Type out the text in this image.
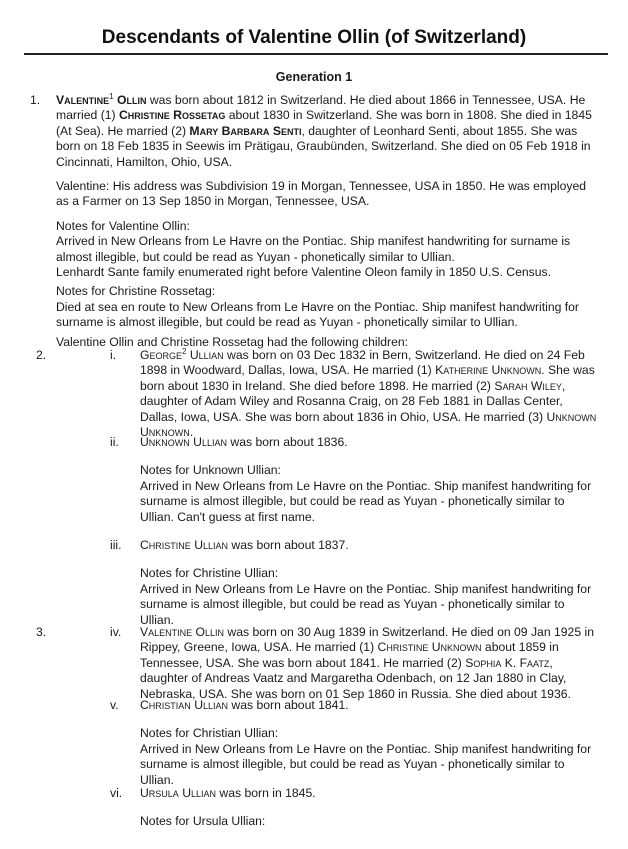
Descendants of Valentine Ollin (of Switzerland)
Generation 1
1.	Valentine$^1$ Ollin was born about 1812 in Switzerland. He died about 1866 in Tennessee, USA. He married (1) Christine Rossetag about 1830 in Switzerland. She was born in 1808. She died in 1845 (At Sea). He married (2) Mary Barbara Senti, daughter of Leonhard Senti, about 1855. She was born on 18 Feb 1835 in Seewis im Prätigau, Graubünden, Switzerland. She died on 05 Feb 1918 in Cincinnati, Hamilton, Ohio, USA.

Valentine: His address was Subdivision 19 in Morgan, Tennessee, USA in 1850. He was employed as a Farmer on 13 Sep 1850 in Morgan, Tennessee, USA.

Notes for Valentine Ollin:

Arrived in New Orleans from Le Havre on the Pontiac. Ship manifest handwriting for surname is almost illegible, but could be read as Yuyan - phonetically similar to Ullian.

Lenhardt Sante family enumerated right before Valentine Oleon family in 1850 U.S. Census.

Notes for Christine Rossetag:

Died at sea en route to New Orleans from Le Havre on the Pontiac. Ship manifest handwriting for surname is almost illegible, but could be read as Yuyan - phonetically similar to Ullian.

Valentine Ollin and Christine Rossetag had the following children:

2.	i.	George$^2$ Ullian was born on 03 Dec 1832 in Bern, Switzerland. He died on 24 Feb 1898 in Woodward, Dallas, Iowa, USA. He married (1) Katherine Unknown. She was born about 1830 in Ireland. She died before 1898. He married (2) Sarah Wiley, daughter of Adam Wiley and Rosanna Craig, on 28 Feb 1881 in Dallas Center, Dallas, Iowa, USA. She was born about 1836 in Ohio, USA. He married (3) Unknown Unknown.

ii.	Unknown Ullian was born about 1836.

Notes for Unknown Ullian:

Arrived in New Orleans from Le Havre on the Pontiac. Ship manifest handwriting for surname is almost illegible, but could be read as Yuyan - phonetically similar to Ullian. Can't guess at first name.

iii.	Christine Ullian was born about 1837.

Notes for Christine Ullian:

Arrived in New Orleans from Le Havre on the Pontiac. Ship manifest handwriting for surname is almost illegible, but could be read as Yuyan - phonetically similar to Ullian.

3.	iv.	Valentine Ollin was born on 30 Aug 1839 in Switzerland. He died on 09 Jan 1925 in Rippey, Greene, Iowa, USA. He married (1) Christine Unknown about 1859 in Tennessee, USA. She was born about 1841. He married (2) Sophia K. Faatz, daughter of Andreas Vaatz and Margaretha Odenbach, on 12 Jan 1880 in Clay, Nebraska, USA. She was born on 01 Sep 1860 in Russia. She died about 1936.

v.	Christian Ullian was born about 1841.

Notes for Christian Ullian:

Arrived in New Orleans from Le Havre on the Pontiac. Ship manifest handwriting for surname is almost illegible, but could be read as Yuyan - phonetically similar to Ullian.

vi.	Ursula Ullian was born in 1845.

Notes for Ursula Ullian:
